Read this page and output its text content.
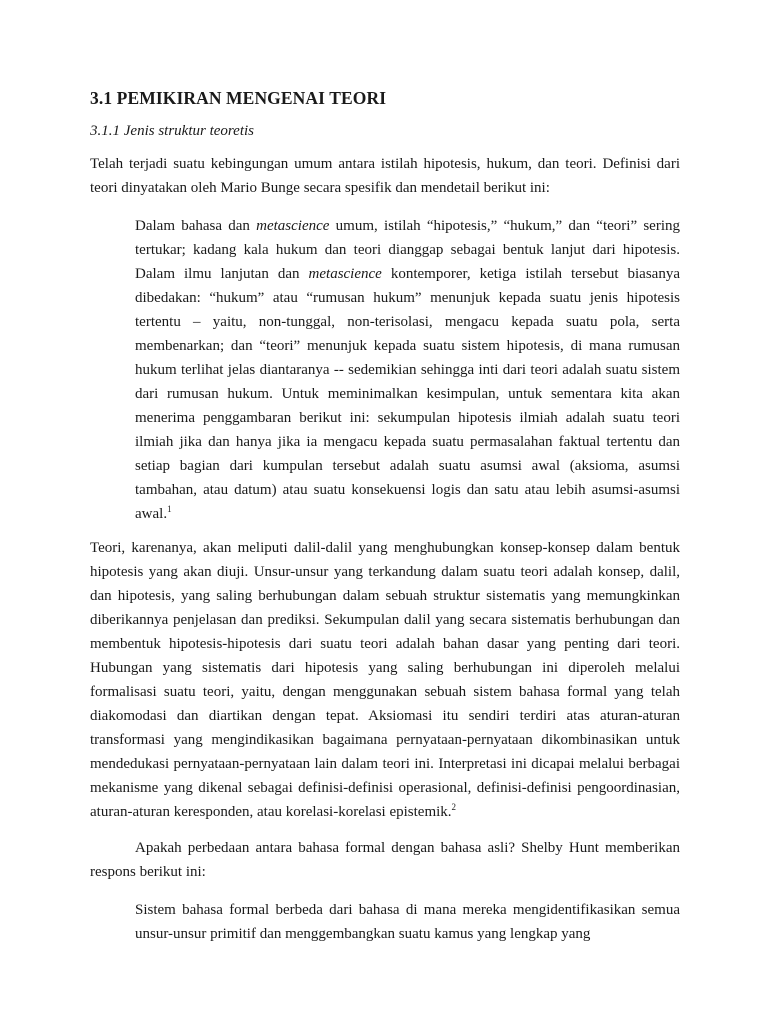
3.1 PEMIKIRAN MENGENAI TEORI
3.1.1 Jenis struktur teoretis

Telah terjadi suatu kebingungan umum antara istilah hipotesis, hukum, dan teori. Definisi dari teori dinyatakan oleh Mario Bunge secara spesifik dan mendetail berikut ini:

Dalam bahasa dan metascience umum, istilah “hipotesis,” “hukum,” dan “teori” sering tertukar; kadang kala hukum dan teori dianggap sebagai bentuk lanjut dari hipotesis. Dalam ilmu lanjutan dan metascience kontemporer, ketiga istilah tersebut biasanya dibedakan: “hukum” atau “rumusan hukum” menunjuk kepada suatu jenis hipotesis tertentu – yaitu, non-tunggal, non-terisolasi, mengacu kepada suatu pola, serta membenarkan; dan “teori” menunjuk kepada suatu sistem hipotesis, di mana rumusan hukum terlihat jelas diantaranya -- sedemikian sehingga inti dari teori adalah suatu sistem dari rumusan hukum. Untuk meminimalkan kesimpulan, untuk sementara kita akan menerima penggambaran berikut ini: sekumpulan hipotesis ilmiah adalah suatu teori ilmiah jika dan hanya jika ia mengacu kepada suatu permasalahan faktual tertentu dan setiap bagian dari kumpulan tersebut adalah suatu asumsi awal (aksioma, asumsi tambahan, atau datum) atau suatu konsekuensi logis dan satu atau lebih asumsi-asumsi awal.$^1$

Teori, karenanya, akan meliputi dalil-dalil yang menghubungkan konsep-konsep dalam bentuk hipotesis yang akan diuji. Unsur-unsur yang terkandung dalam suatu teori adalah konsep, dalil, dan hipotesis, yang saling berhubungan dalam sebuah struktur sistematis yang memungkinkan diberikannya penjelasan dan prediksi. Sekumpulan dalil yang secara sistematis berhubungan dan membentuk hipotesis-hipotesis dari suatu teori adalah bahan dasar yang penting dari teori. Hubungan yang sistematis dari hipotesis yang saling berhubungan ini diperoleh melalui formalisasi suatu teori, yaitu, dengan menggunakan sebuah sistem bahasa formal yang telah diakomodasi dan diartikan dengan tepat. Aksiomasi itu sendiri terdiri atas aturan-aturan transformasi yang mengindikasikan bagaimana pernyataan-pernyataan dikombinasikan untuk mendedukasi pernyataan-pernyataan lain dalam teori ini. Interpretasi ini dicapai melalui berbagai mekanisme yang dikenal sebagai definisi-definisi operasional, definisi-definisi pengoordinasian, aturan-aturan keresponden, atau korelasi-korelasi epistemik.$^2$

Apakah perbedaan antara bahasa formal dengan bahasa asli? Shelby Hunt memberikan respons berikut ini:

Sistem bahasa formal berbeda dari bahasa di mana mereka mengidentifikasikan semua unsur-unsur primitif dan menggembangkan suatu kamus yang lengkap yang
